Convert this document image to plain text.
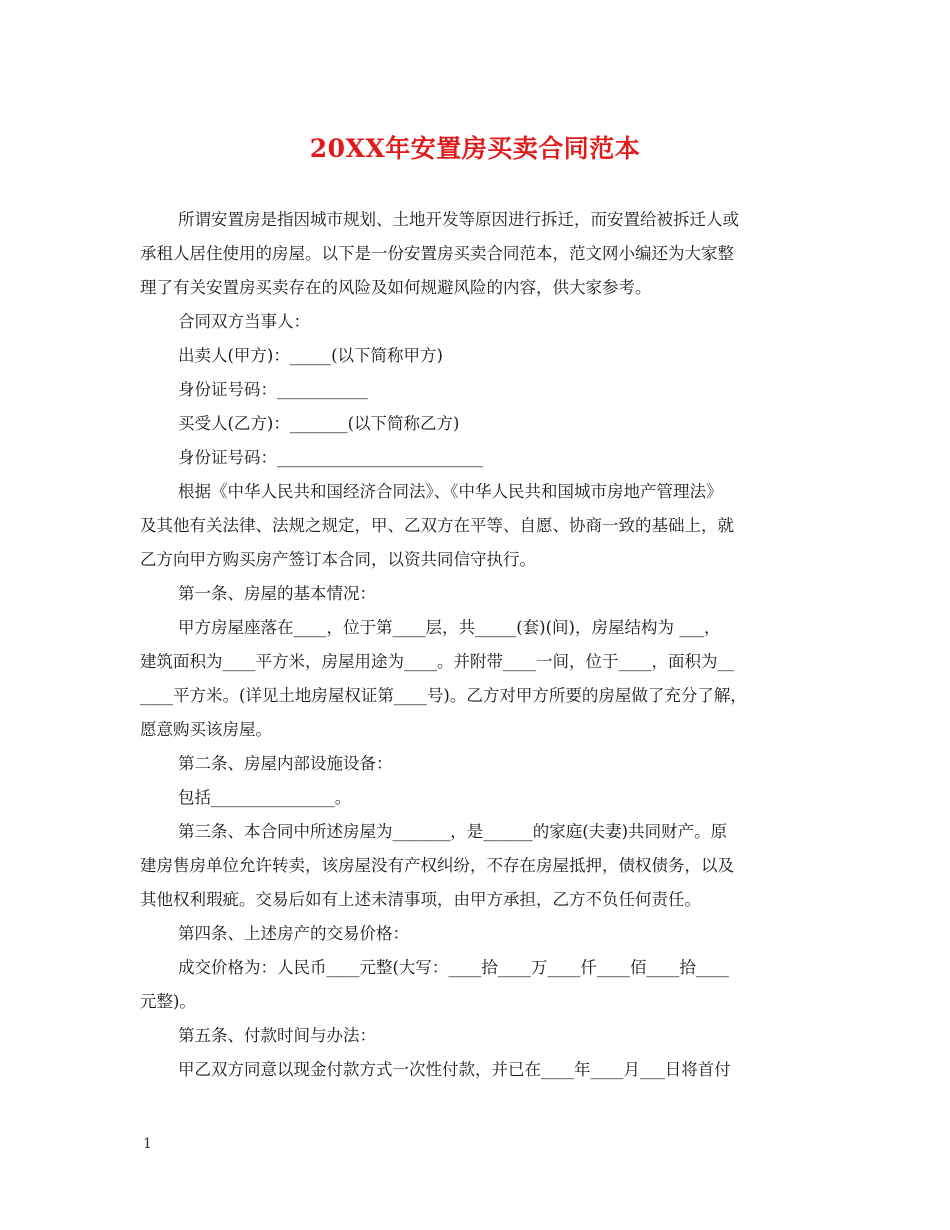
20XX年安置房买卖合同范本
所谓安置房是指因城市规划、土地开发等原因进行拆迁，而安置给被拆迁人或
承租人居住使用的房屋。以下是一份安置房买卖合同范本，范文网小编还为大家整
理了有关安置房买卖存在的风险及如何规避风险的内容，供大家参考。
合同双方当事人：
出卖人(甲方)：_____(以下简称甲方)
身份证号码：___________
买受人(乙方)：_______(以下简称乙方)
身份证号码：_________________________
根据《中华人民共和国经济合同法》、《中华人民共和国城市房地产管理法》
及其他有关法律、法规之规定，甲、乙双方在平等、自愿、协商一致的基础上，就
乙方向甲方购买房产签订本合同，以资共同信守执行。
第一条、房屋的基本情况：
甲方房屋座落在____，位于第____层，共_____(套)(间)，房屋结构为 ___，
建筑面积为____平方米，房屋用途为____。并附带____一间，位于____，面积为__
____平方米。(详见土地房屋权证第____号)。乙方对甲方所要的房屋做了充分了解，
愿意购买该房屋。
第二条、房屋内部设施设备：
包括_______________。
第三条、本合同中所述房屋为_______，是______的家庭(夫妻)共同财产。原
建房售房单位允许转卖，该房屋没有产权纠纷，不存在房屋抵押，债权债务，以及
其他权利瑕疵。交易后如有上述未清事项，由甲方承担，乙方不负任何责任。
第四条、上述房产的交易价格：
成交价格为：人民币____元整(大写：____拾____万____仟____佰____拾____
元整)。
第五条、付款时间与办法：
甲乙双方同意以现金付款方式一次性付款，并已在____年____月___日将首付
1
